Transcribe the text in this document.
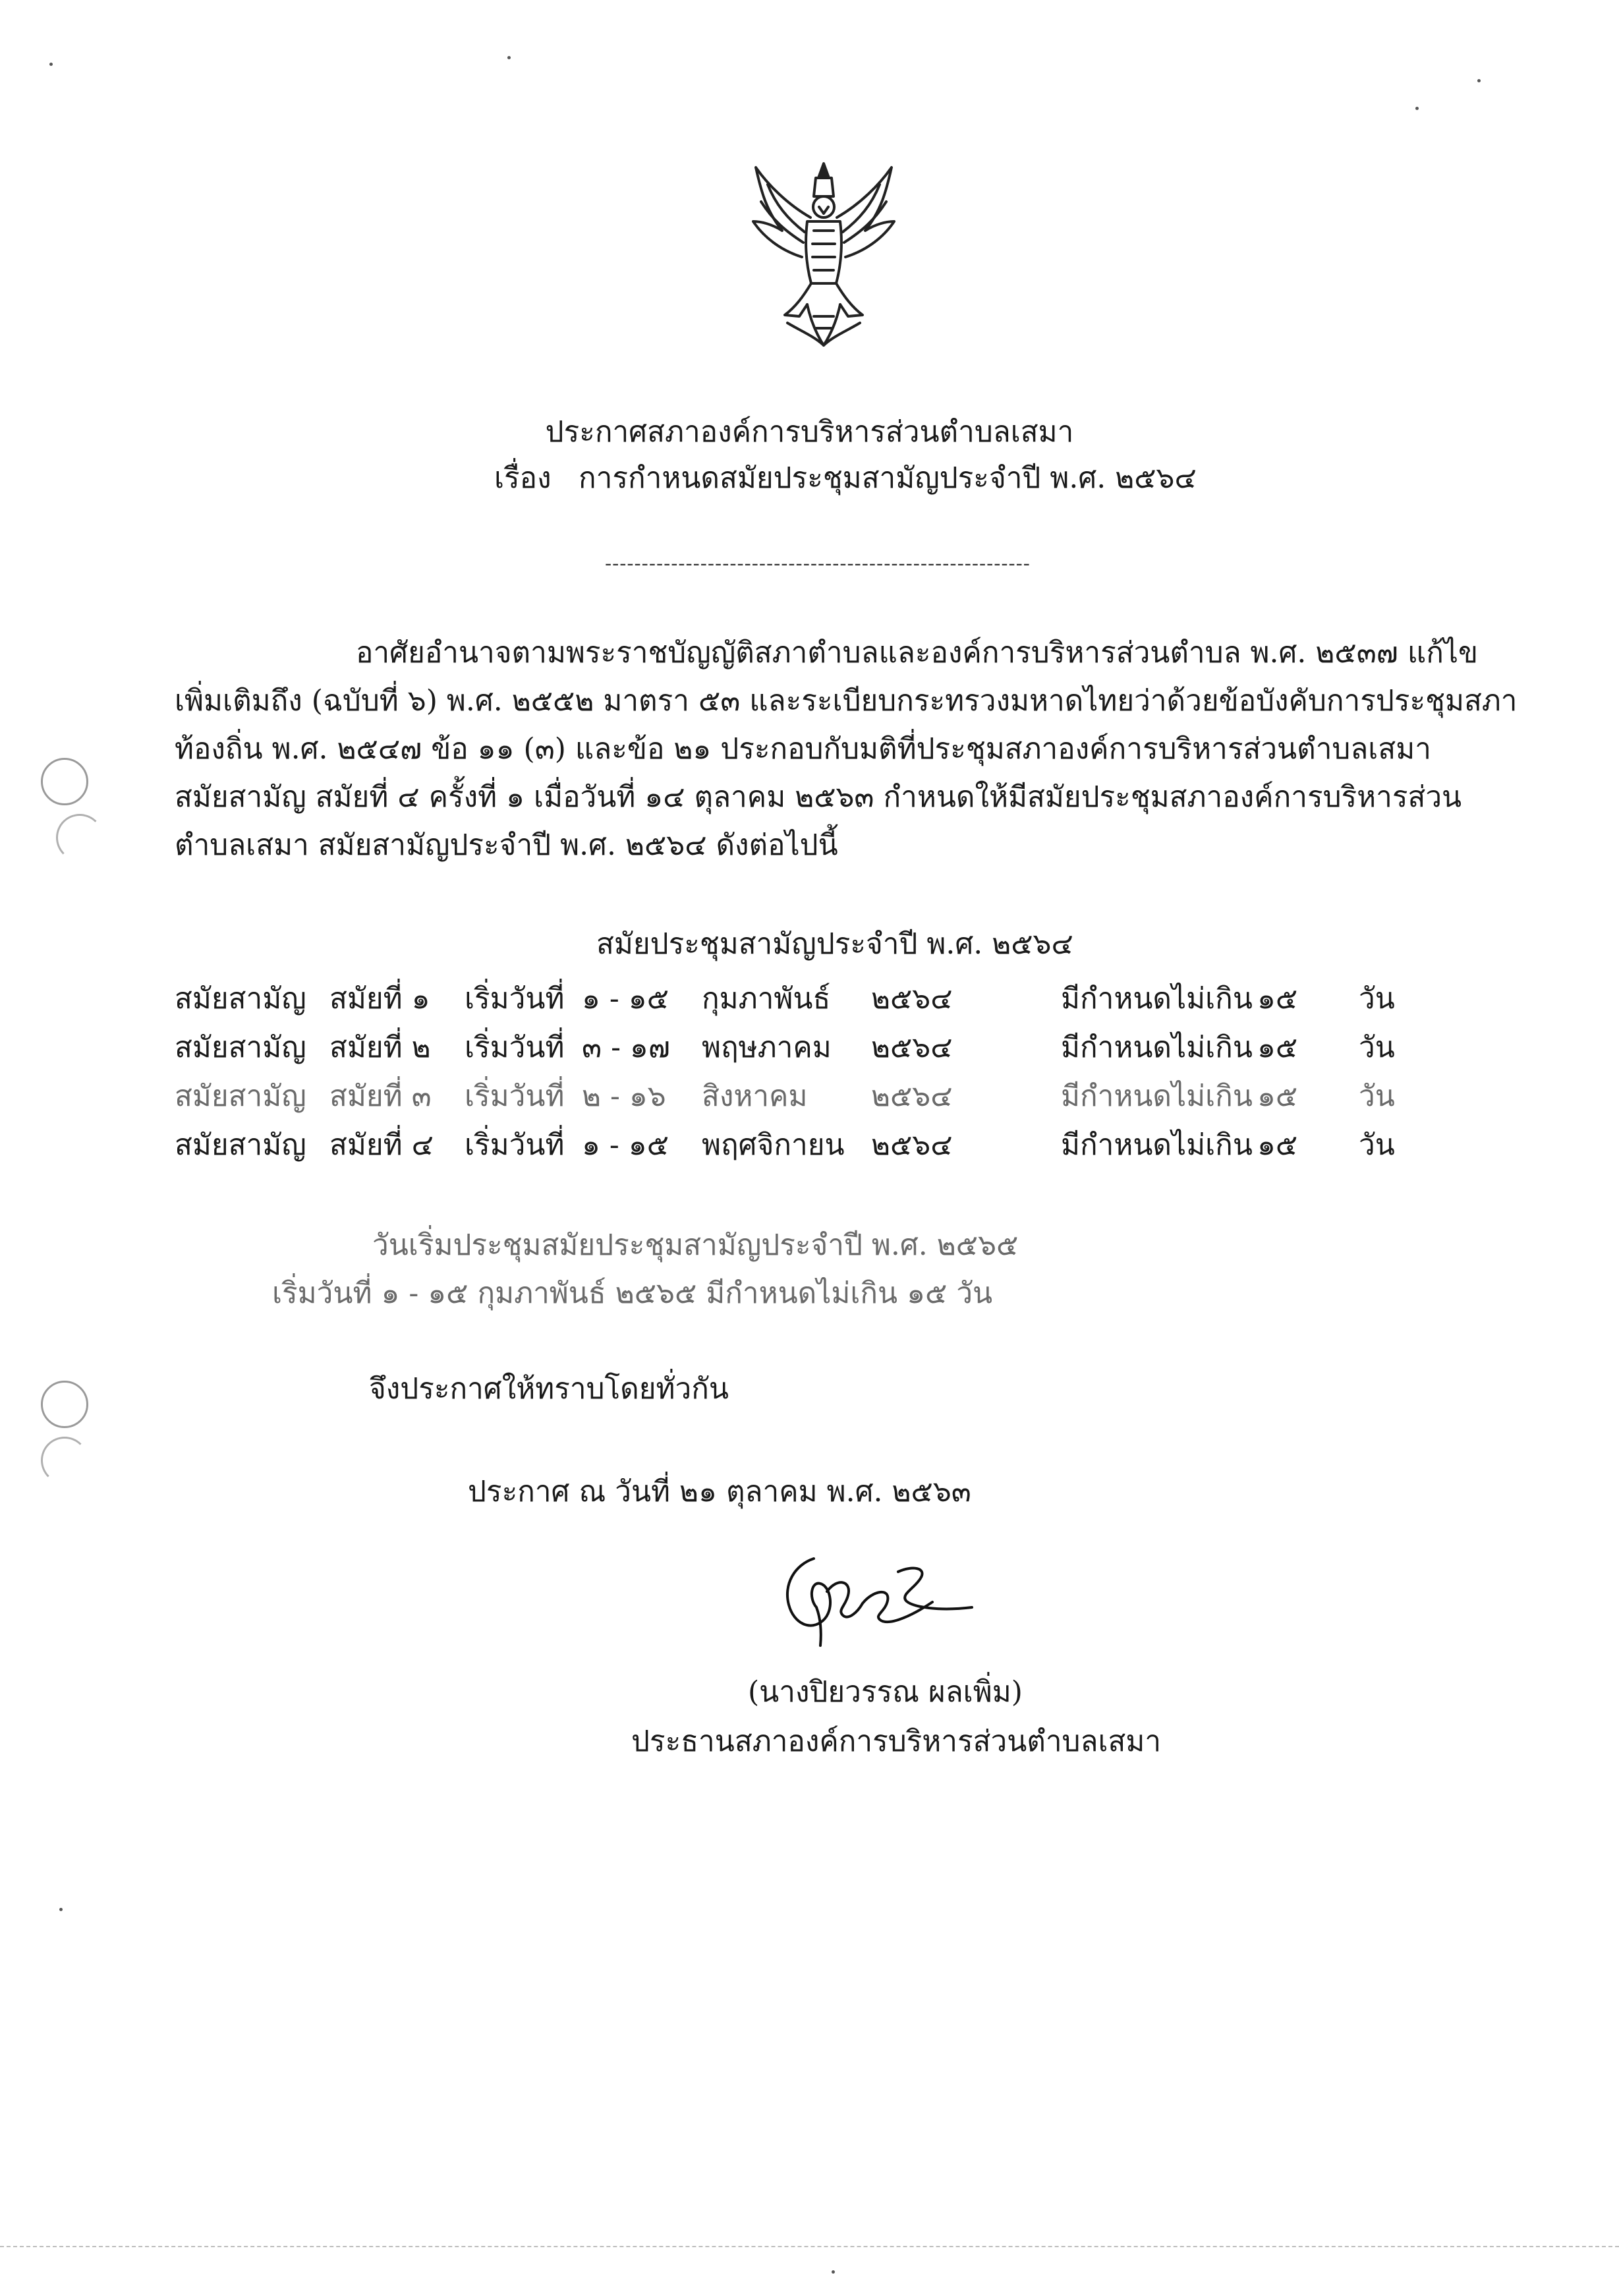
ประกาศสภาองค์การบริหารส่วนตำบลเสมา
เรื่อง การกำหนดสมัยประชุมสามัญประจำปี พ.ศ. ๒๕๖๔
----------------------------------------------------------
อาศัยอำนาจตามพระราชบัญญัติสภาตำบลและองค์การบริหารส่วนตำบล พ.ศ. ๒๕๓๗ แก้ไข
เพิ่มเติมถึง (ฉบับที่ ๖) พ.ศ. ๒๕๕๒ มาตรา ๕๓ และระเบียบกระทรวงมหาดไทยว่าด้วยข้อบังคับการประชุมสภา
ท้องถิ่น พ.ศ. ๒๕๔๗ ข้อ ๑๑ (๓) และข้อ ๒๑ ประกอบกับมติที่ประชุมสภาองค์การบริหารส่วนตำบลเสมา
สมัยสามัญ สมัยที่ ๔ ครั้งที่ ๑ เมื่อวันที่ ๑๔ ตุลาคม ๒๕๖๓ กำหนดให้มีสมัยประชุมสภาองค์การบริหารส่วน
ตำบลเสมา สมัยสามัญประจำปี พ.ศ. ๒๕๖๔ ดังต่อไปนี้
สมัยประชุมสามัญประจำปี พ.ศ. ๒๕๖๔
สมัยสามัญ สมัยที่ ๑ เริ่มวันที่ ๑ - ๑๕ กุมภาพันธ์ ๒๕๖๔	มีกำหนดไม่เกิน ๑๕ วัน
สมัยสามัญ สมัยที่ ๒ เริ่มวันที่ ๓ - ๑๗ พฤษภาคม ๒๕๖๔	มีกำหนดไม่เกิน ๑๕ วัน
สมัยสามัญ สมัยที่ ๓ เริ่มวันที่ ๒ - ๑๖ สิงหาคม ๒๕๖๔	มีกำหนดไม่เกิน ๑๕ วัน
สมัยสามัญ สมัยที่ ๔ เริ่มวันที่ ๑ - ๑๕ พฤศจิกายน ๒๕๖๔	มีกำหนดไม่เกิน ๑๕ วัน
วันเริ่มประชุมสมัยประชุมสามัญประจำปี พ.ศ. ๒๕๖๕
เริ่มวันที่ ๑ - ๑๕ กุมภาพันธ์ ๒๕๖๕ มีกำหนดไม่เกิน ๑๕ วัน
จึงประกาศให้ทราบโดยทั่วกัน
ประกาศ ณ วันที่ ๒๑ ตุลาคม พ.ศ. ๒๕๖๓
(นางปิยวรรณ ผลเพิ่ม)
ประธานสภาองค์การบริหารส่วนตำบลเสมา
